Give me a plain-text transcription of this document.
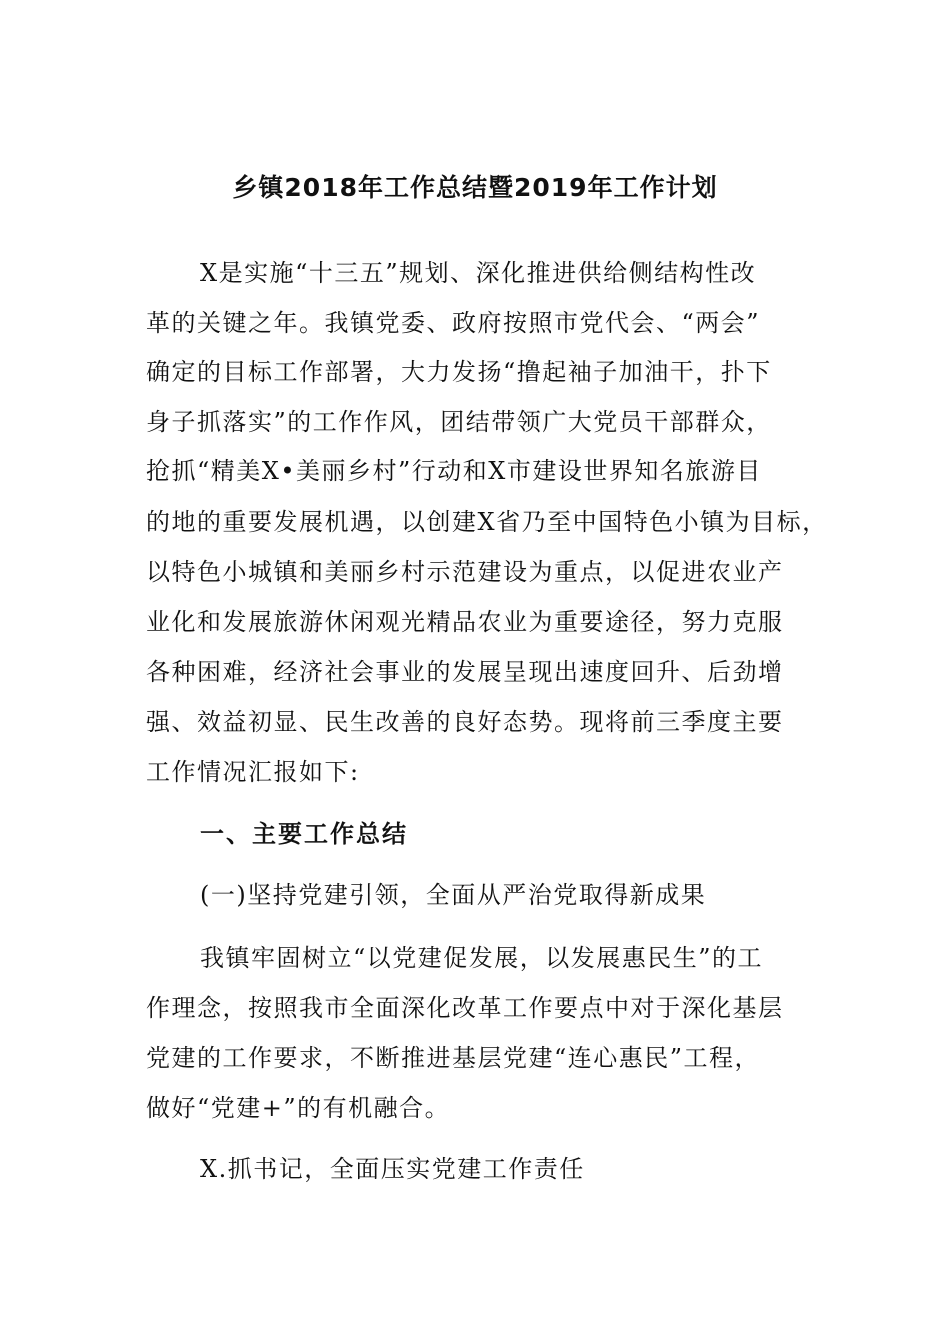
乡镇2018年工作总结暨2019年工作计划
X是实施“十三五”规划、深化推进供给侧结构性改
革的关键之年。我镇党委、政府按照市党代会、“两会”
确定的目标工作部署，大力发扬“撸起袖子加油干，扑下
身子抓落实”的工作作风，团结带领广大党员干部群众，
抢抓“精美X•美丽乡村”行动和X市建设世界知名旅游目
的地的重要发展机遇，以创建X省乃至中国特色小镇为目标，
以特色小城镇和美丽乡村示范建设为重点，以促进农业产
业化和发展旅游休闲观光精品农业为重要途径，努力克服
各种困难，经济社会事业的发展呈现出速度回升、后劲增
强、效益初显、民生改善的良好态势。现将前三季度主要
工作情况汇报如下:
一、主要工作总结
(一)坚持党建引领，全面从严治党取得新成果
我镇牢固树立“以党建促发展，以发展惠民生”的工
作理念，按照我市全面深化改革工作要点中对于深化基层
党建的工作要求，不断推进基层党建“连心惠民”工程，
做好“党建+”的有机融合。
X.抓书记，全面压实党建工作责任
